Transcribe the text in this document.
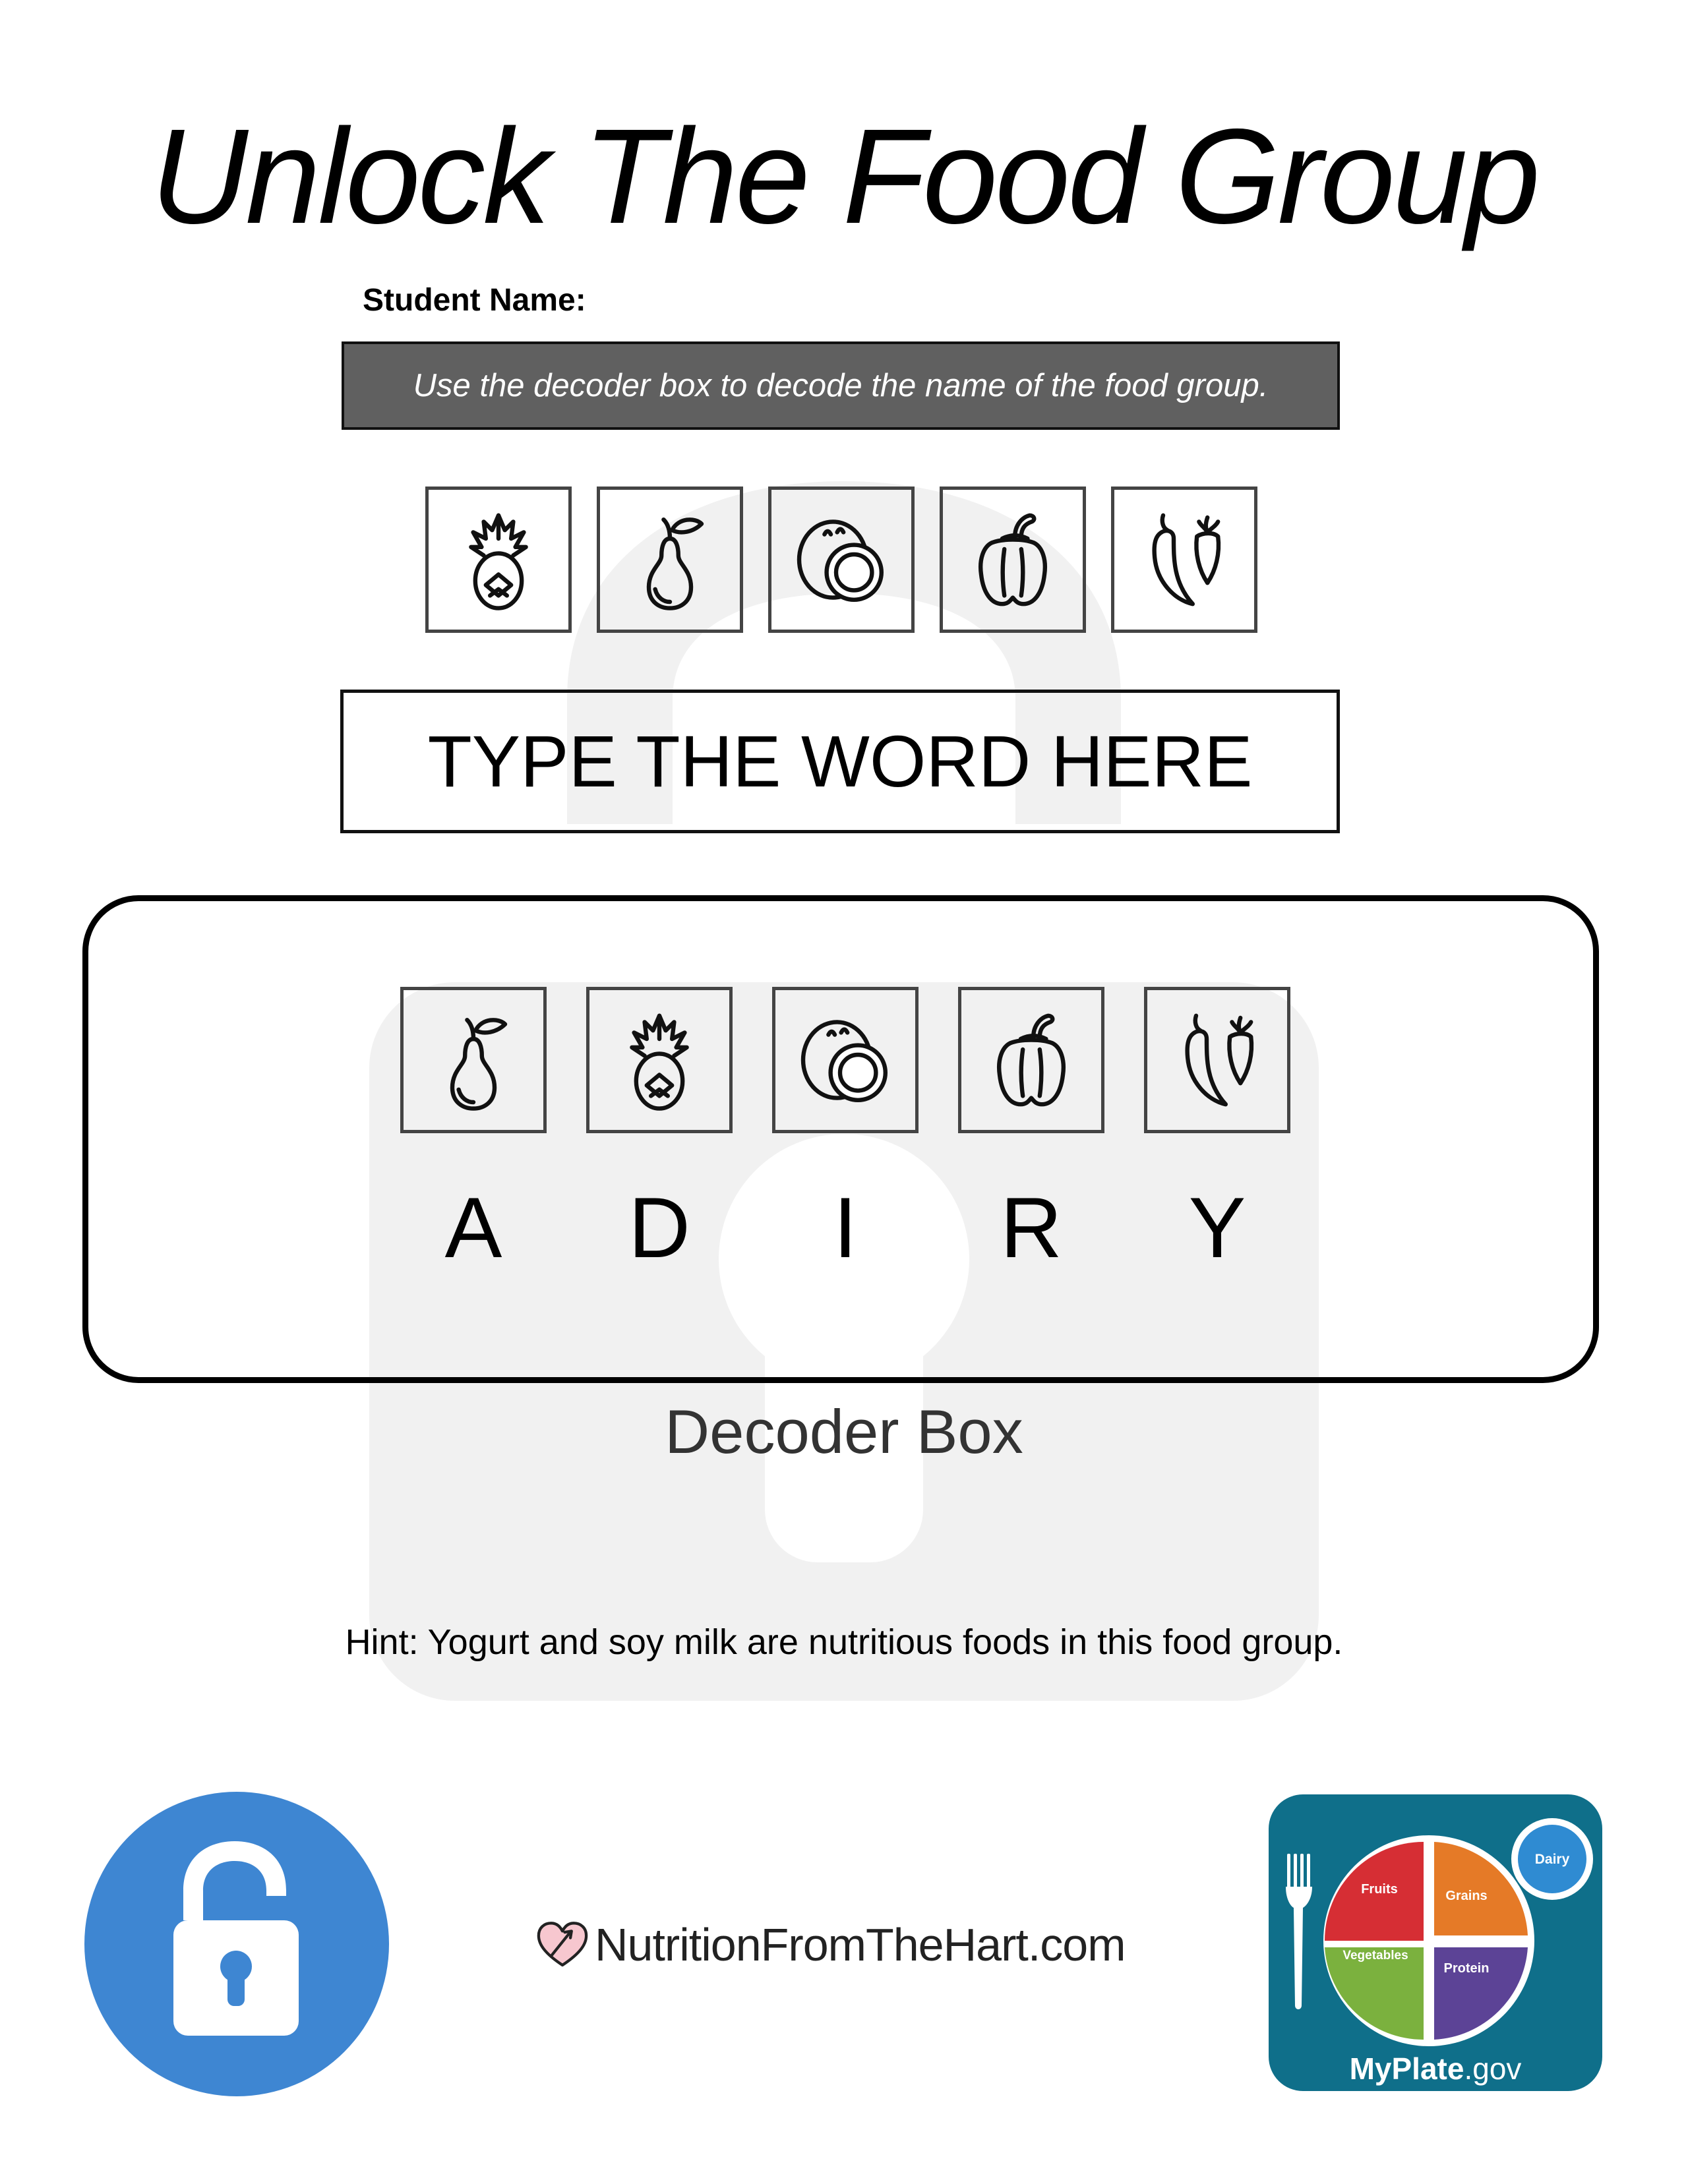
Unlock The Food Group
Student Name:
Use the decoder box to decode the name of the food group.
TYPE THE WORD HERE
A	D	I	R	Y
Decoder Box
Hint: Yogurt and soy milk are nutritious foods in this food group.
NutritionFromTheHart.com
Fruits	Grains
Vegetables
Protein
Dairy
MyPlate.gov
